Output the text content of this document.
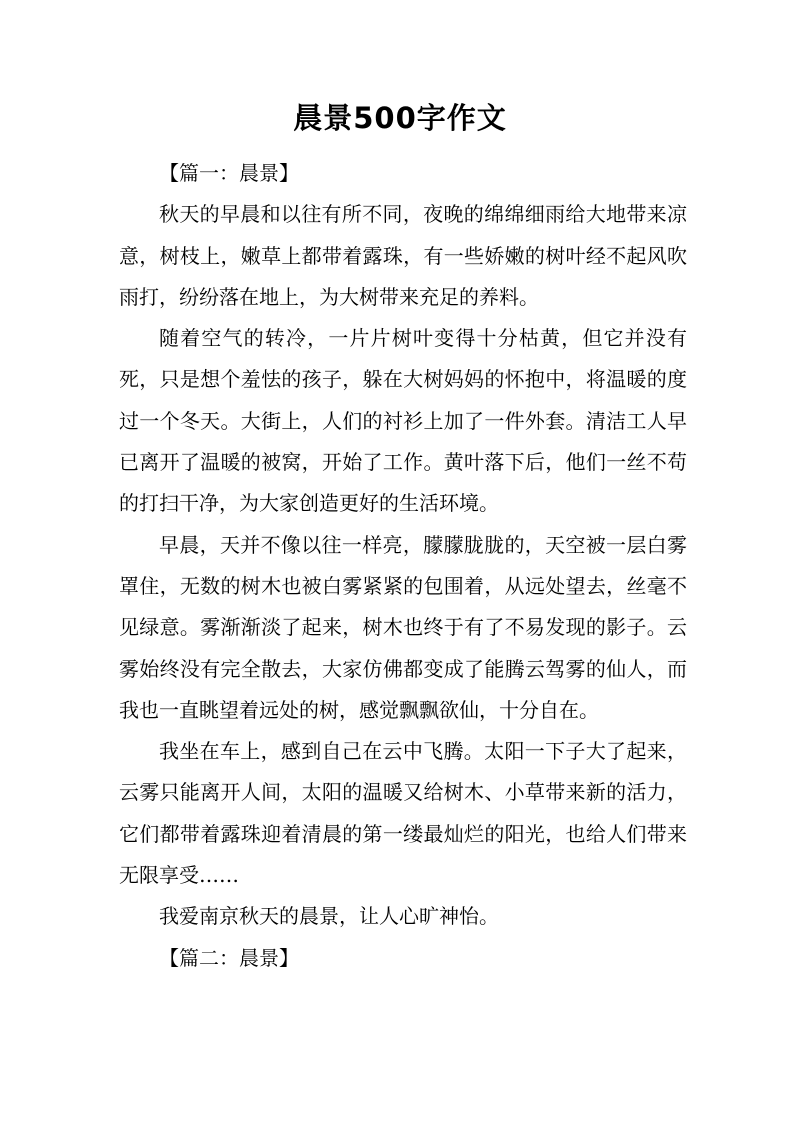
晨景500字作文

【篇一：晨景】

秋天的早晨和以往有所不同，夜晚的绵绵细雨给大地带来凉意，树枝上，嫩草上都带着露珠，有一些娇嫩的树叶经不起风吹雨打，纷纷落在地上，为大树带来充足的养料。

随着空气的转冷，一片片树叶变得十分枯黄，但它并没有死，只是想个羞怯的孩子，躲在大树妈妈的怀抱中，将温暖的度过一个冬天。大街上，人们的衬衫上加了一件外套。清洁工人早已离开了温暖的被窝，开始了工作。黄叶落下后，他们一丝不苟的打扫干净，为大家创造更好的生活环境。

早晨，天并不像以往一样亮，朦朦胧胧的，天空被一层白雾罩住，无数的树木也被白雾紧紧的包围着，从远处望去，丝毫不见绿意。雾渐渐淡了起来，树木也终于有了不易发现的影子。云雾始终没有完全散去，大家仿佛都变成了能腾云驾雾的仙人，而我也一直眺望着远处的树，感觉飘飘欲仙，十分自在。

我坐在车上，感到自己在云中飞腾。太阳一下子大了起来，云雾只能离开人间，太阳的温暖又给树木、小草带来新的活力，它们都带着露珠迎着清晨的第一缕最灿烂的阳光，也给人们带来无限享受……

我爱南京秋天的晨景，让人心旷神怡。

【篇二：晨景】
